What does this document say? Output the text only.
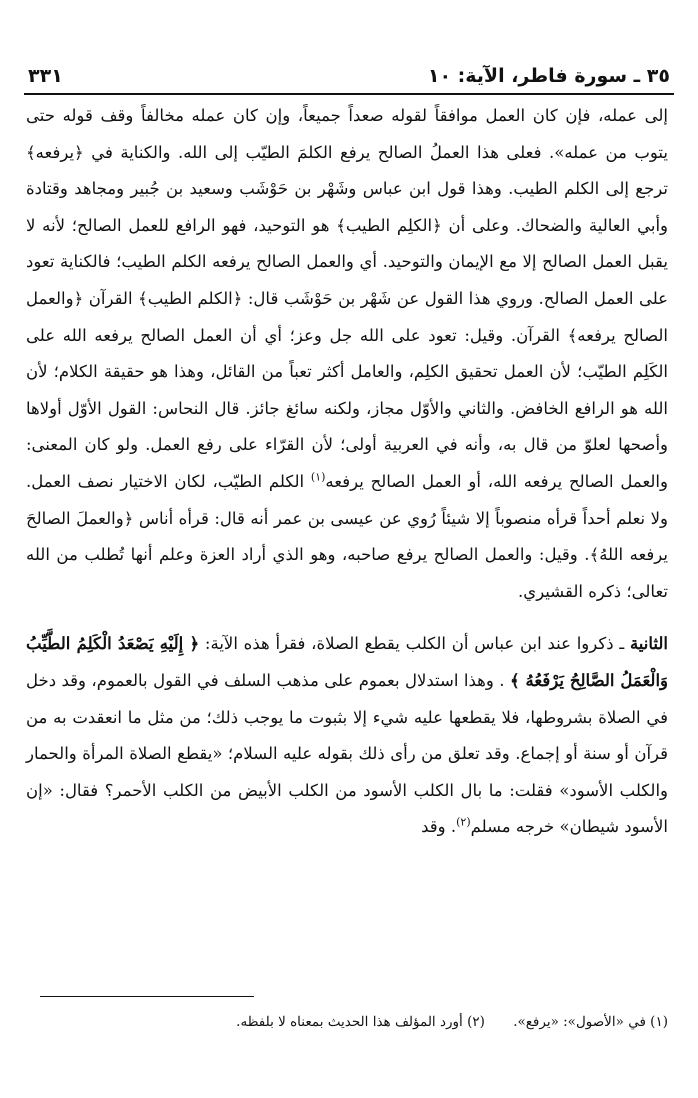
٣٥ ـ سورة فاطر، الآية: ١٠
٣٣١

إلى عمله، فإن كان العمل موافقاً لقوله صعداً جميعاً، وإن كان عمله مخالفاً وقف قوله حتى يتوب من عمله». فعلى هذا العملُ الصالح يرفع الكلمَ الطيّب إلى الله. والكناية في ﴿يرفعه﴾ ترجع إلى الكلم الطيب. وهذا قول ابن عباس وشَهْر بن حَوْشَب وسعيد بن جُبير ومجاهد وقتادة وأبي العالية والضحاك. وعلى أن ﴿الكلِم الطيب﴾ هو التوحيد، فهو الرافع للعمل الصالح؛ لأنه لا يقبل العمل الصالح إلا مع الإيمان والتوحيد. أي والعمل الصالح يرفعه الكلم الطيب؛ فالكناية تعود على العمل الصالح. وروي هذا القول عن شَهْر بن حَوْشَب قال: ﴿الكلم الطيب﴾ القرآن ﴿والعمل الصالح يرفعه﴾ القرآن. وقيل: تعود على الله جل وعز؛ أي أن العمل الصالح يرفعه الله على الكَلِم الطيّب؛ لأن العمل تحقيق الكلِم، والعامل أكثر تعباً من القائل، وهذا هو حقيقة الكلام؛ لأن الله هو الرافع الخافض. والثاني والأوّل مجاز، ولكنه سائغ جائز. قال النحاس: القول الأوّل أولاها وأصحها لعلوّ من قال به، وأنه في العربية أولى؛ لأن القرّاء على رفع العمل. ولو كان المعنى: والعمل الصالح يرفعه الله، أو العمل الصالح يرفعه$^{(١)}$ الكلم الطيّب، لكان الاختيار نصف العمل. ولا نعلم أحداً قرأه منصوباً إلا شيئاً رُوي عن عيسى بن عمر أنه قال: قرأه أناس ﴿والعملَ الصالحَ يرفعه اللهُ﴾. وقيل: والعمل الصالح يرفع صاحبه، وهو الذي أراد العزة وعلم أنها تُطلب من الله تعالى؛ ذكره القشيري.

الثانية ـ ذكروا عند ابن عباس أن الكلب يقطع الصلاة، فقرأ هذه الآية: ﴿ إِلَيْهِ يَصْعَدُ الْكَلِمُ الطَّيِّبُ وَالْعَمَلُ الصَّالِحُ يَرْفَعُهُ ﴾ . وهذا استدلال بعموم على مذهب السلف في القول بالعموم، وقد دخل في الصلاة بشروطها، فلا يقطعها عليه شيء إلا بثبوت ما يوجب ذلك؛ من مثل ما انعقدت به من قرآن أو سنة أو إجماع. وقد تعلق من رأى ذلك بقوله عليه السلام؛ «يقطع الصلاة المرأة والحمار والكلب الأسود» فقلت: ما بال الكلب الأسود من الكلب الأبيض من الكلب الأحمر؟ فقال: «إن الأسود شيطان» خرجه مسلم$^{(٢)}$. وقد

(١) في «الأصول»: «يرفع». (٢) أورد المؤلف هذا الحديث بمعناه لا بلفظه.
